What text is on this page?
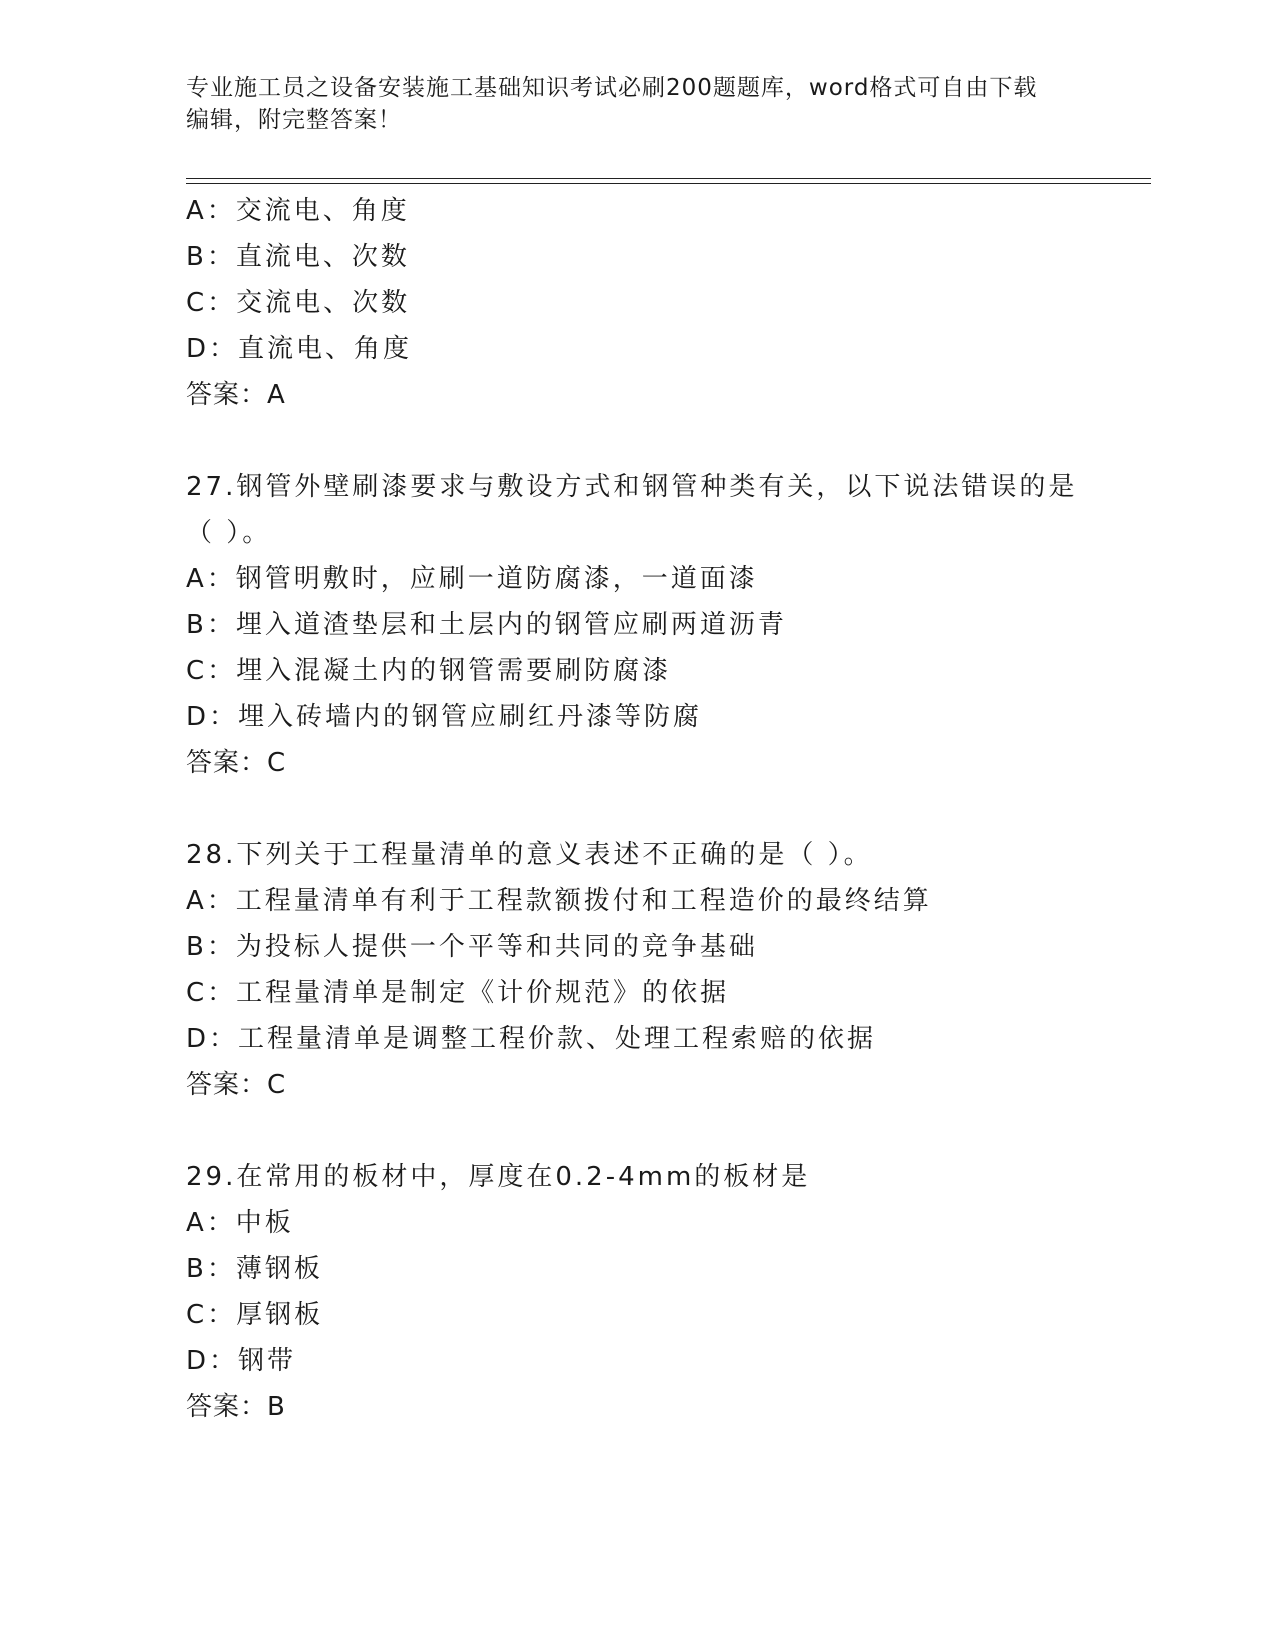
专业施工员之设备安装施工基础知识考试必刷200题题库，word格式可自由下载
编辑，附完整答案！
A：交流电、角度
B：直流电、次数
C：交流电、次数
D：直流电、角度
答案：A
27.钢管外壁刷漆要求与敷设方式和钢管种类有关，以下说法错误的是
（ ）。
A：钢管明敷时，应刷一道防腐漆，一道面漆
B：埋入道渣垫层和土层内的钢管应刷两道沥青
C：埋入混凝土内的钢管需要刷防腐漆
D：埋入砖墙内的钢管应刷红丹漆等防腐
答案：C
28.下列关于工程量清单的意义表述不正确的是（ ）。
A：工程量清单有利于工程款额拨付和工程造价的最终结算
B：为投标人提供一个平等和共同的竞争基础
C：工程量清单是制定《计价规范》的依据
D：工程量清单是调整工程价款、处理工程索赔的依据
答案：C
29.在常用的板材中，厚度在0.2-4mm的板材是
A：中板
B：薄钢板
C：厚钢板
D：钢带
答案：B
